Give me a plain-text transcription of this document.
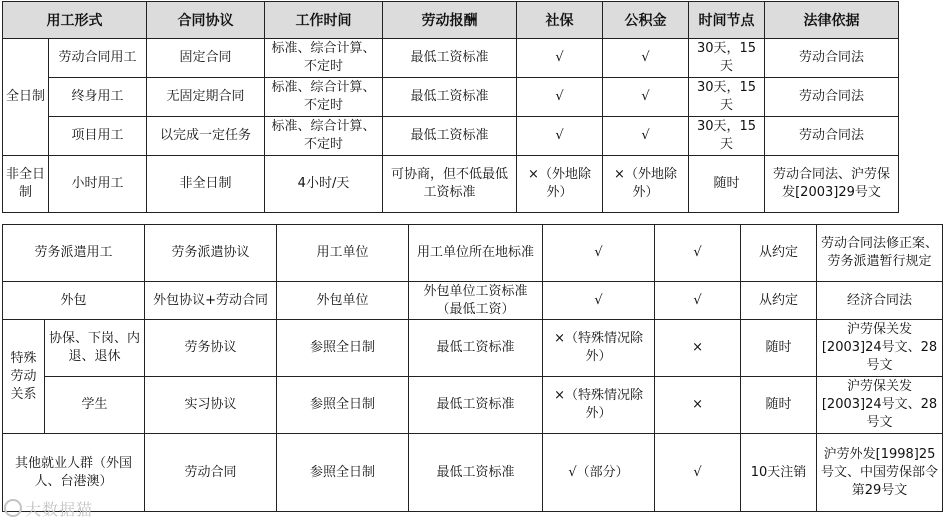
用工形式		合同协议	工作时间	劳动报酬	社保	公积金	时间节点	法律依据
全日制	劳动合同用工	固定合同	标准、综合计算、不定时	最低工资标准	√	√	30天，15天	劳动合同法
	终身用工	无固定期合同	标准、综合计算、不定时	最低工资标准	√	√	30天，15天	劳动合同法
	项目用工	以完成一定任务	标准、综合计算、不定时	最低工资标准	√	√	30天，15天	劳动合同法
非全日制	小时用工	非全日制	4小时/天	可协商，但不低最低工资标准	×（外地除外）	×（外地除外）	随时	劳动合同法、沪劳保发[2003]29号文
劳务派遣用工		劳务派遣协议	用工单位	用工单位所在地标准	√	√	从约定	劳动合同法修正案、劳务派遣暂行规定
外包		外包协议+劳动合同	外包单位	外包单位工资标准（最低工资）	√	√	从约定	经济合同法
特殊劳动关系	协保、下岗、内退、退休	劳务协议	参照全日制	最低工资标准	×（特殊情况除外）	×	随时	沪劳保关发[2003]24号文、28号文
	学生	实习协议	参照全日制	最低工资标准	×（特殊情况除外）	×	随时	沪劳保关发[2003]24号文、28号文
其他就业人群（外国人、台港澳）		劳动合同	参照全日制	最低工资标准	√（部分）	√	10天注销	沪劳外发[1998]25号文、中国劳保部令第29号文
大数据猫
